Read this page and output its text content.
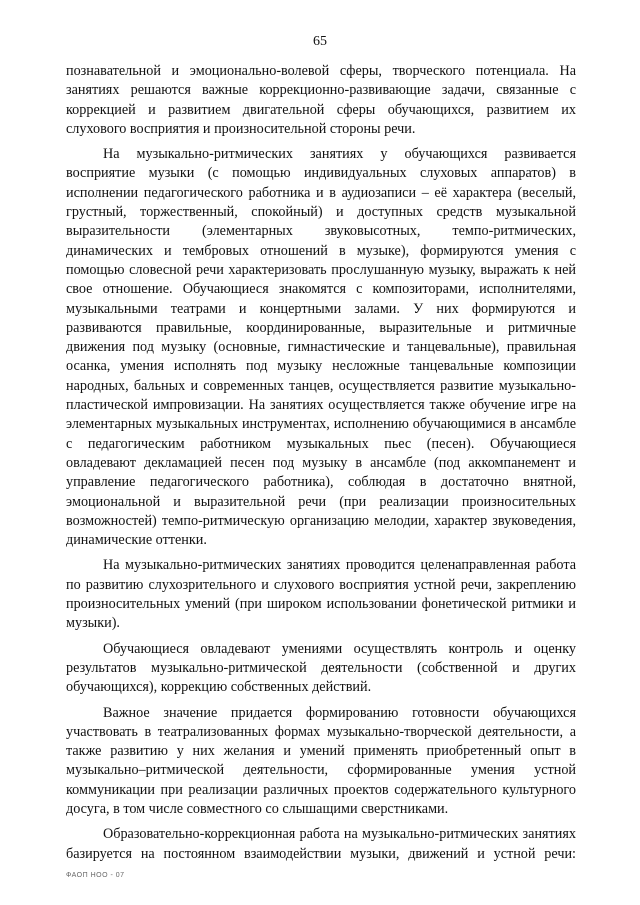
65

познавательной и эмоционально-волевой сферы, творческого потенциала. На занятиях решаются важные коррекционно-развивающие задачи, связанные с коррекцией и развитием двигательной сферы обучающихся, развитием их слухового восприятия и произносительной стороны речи.

На музыкально-ритмических занятиях у обучающихся развивается восприятие музыки (с помощью индивидуальных слуховых аппаратов) в исполнении педагогического работника и в аудиозаписи – её характера (веселый, грустный, торжественный, спокойный) и доступных средств музыкальной выразительности (элементарных звуковысотных, темпо-ритмических, динамических и тембровых отношений в музыке), формируются умения с помощью словесной речи характеризовать прослушанную музыку, выражать к ней свое отношение. Обучающиеся знакомятся с композиторами, исполнителями, музыкальными театрами и концертными залами. У них формируются и развиваются правильные, координированные, выразительные и ритмичные движения под музыку (основные, гимнастические и танцевальные), правильная осанка, умения исполнять под музыку несложные танцевальные композиции народных, бальных и современных танцев, осуществляется развитие музыкально-пластической импровизации. На занятиях осуществляется также обучение игре на элементарных музыкальных инструментах, исполнению обучающимися в ансамбле с педагогическим работником музыкальных пьес (песен). Обучающиеся овладевают декламацией песен под музыку в ансамбле (под аккомпанемент и управление педагогического работника), соблюдая в достаточно внятной, эмоциональной и выразительной речи (при реализации произносительных возможностей) темпо-ритмическую организацию мелодии, характер звуковедения, динамические оттенки.

На музыкально-ритмических занятиях проводится целенаправленная работа по развитию слухозрительного и слухового восприятия устной речи, закреплению произносительных умений (при широком использовании фонетической ритмики и музыки).

Обучающиеся овладевают умениями осуществлять контроль и оценку результатов музыкально-ритмической деятельности (собственной и других обучающихся), коррекцию собственных действий.

Важное значение придается формированию готовности обучающихся участвовать в театрализованных формах музыкально-творческой деятельности, а также развитию у них желания и умений применять приобретенный опыт в музыкально–ритмической деятельности, сформированные умения устной коммуникации при реализации различных проектов содержательного культурного досуга, в том числе совместного со слышащими сверстниками.

Образовательно-коррекционная работа на музыкально-ритмических занятиях базируется на постоянном взаимодействии музыки, движений и устной речи:

ФАОП НОО - 07
